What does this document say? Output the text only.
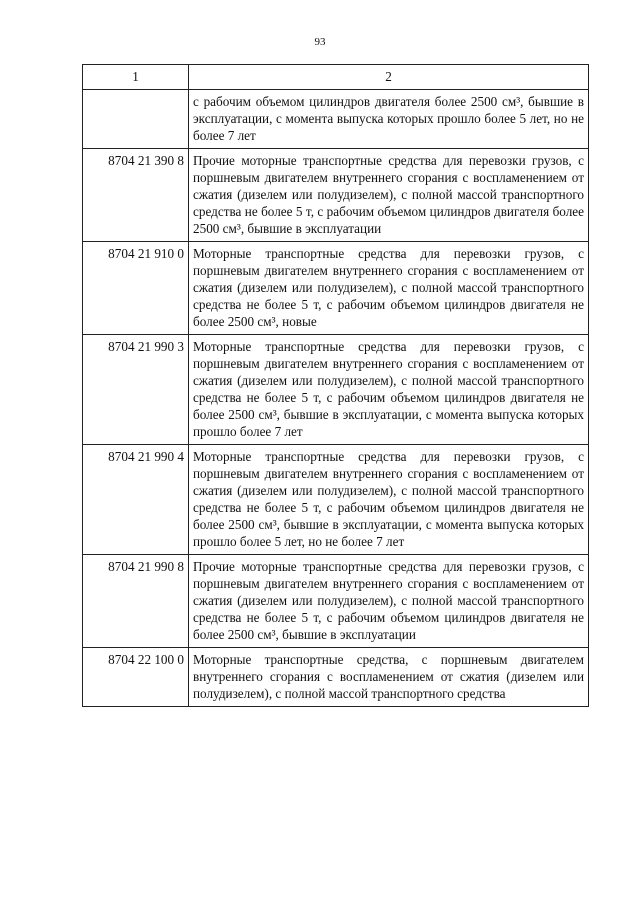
93
1	2
	с рабочим объемом цилиндров двигателя более 2500 см³, бывшие в эксплуатации, с момента выпуска которых прошло более 5 лет, но не более 7 лет
8704 21 390 8	Прочие моторные транспортные средства для перевозки грузов, с поршневым двигателем внутреннего сгорания с воспламенением от сжатия (дизелем или полудизелем), с полной массой транспортного средства не более 5 т, с рабочим объемом цилиндров двигателя более 2500 см³, бывшие в эксплуатации
8704 21 910 0	Моторные транспортные средства для перевозки грузов, с поршневым двигателем внутреннего сгорания с воспламенением от сжатия (дизелем или полудизелем), с полной массой транспортного средства не более 5 т, с рабочим объемом цилиндров двигателя не более 2500 см³, новые
8704 21 990 3	Моторные транспортные средства для перевозки грузов, с поршневым двигателем внутреннего сгорания с воспламенением от сжатия (дизелем или полудизелем), с полной массой транспортного средства не более 5 т, с рабочим объемом цилиндров двигателя не более 2500 см³, бывшие в эксплуатации, с момента выпуска которых прошло более 7 лет
8704 21 990 4	Моторные транспортные средства для перевозки грузов, с поршневым двигателем внутреннего сгорания с воспламенением от сжатия (дизелем или полудизелем), с полной массой транспортного средства не более 5 т, с рабочим объемом цилиндров двигателя не более 2500 см³, бывшие в эксплуатации, с момента выпуска которых прошло более 5 лет, но не более 7 лет
8704 21 990 8	Прочие моторные транспортные средства для перевозки грузов, с поршневым двигателем внутреннего сгорания с воспламенением от сжатия (дизелем или полудизелем), с полной массой транспортного средства не более 5 т, с рабочим объемом цилиндров двигателя не более 2500 см³, бывшие в эксплуатации
8704 22 100 0	Моторные транспортные средства, с поршневым двигателем внутреннего сгорания с воспламенением от сжатия (дизелем или полудизелем), с полной массой транспортного средства
